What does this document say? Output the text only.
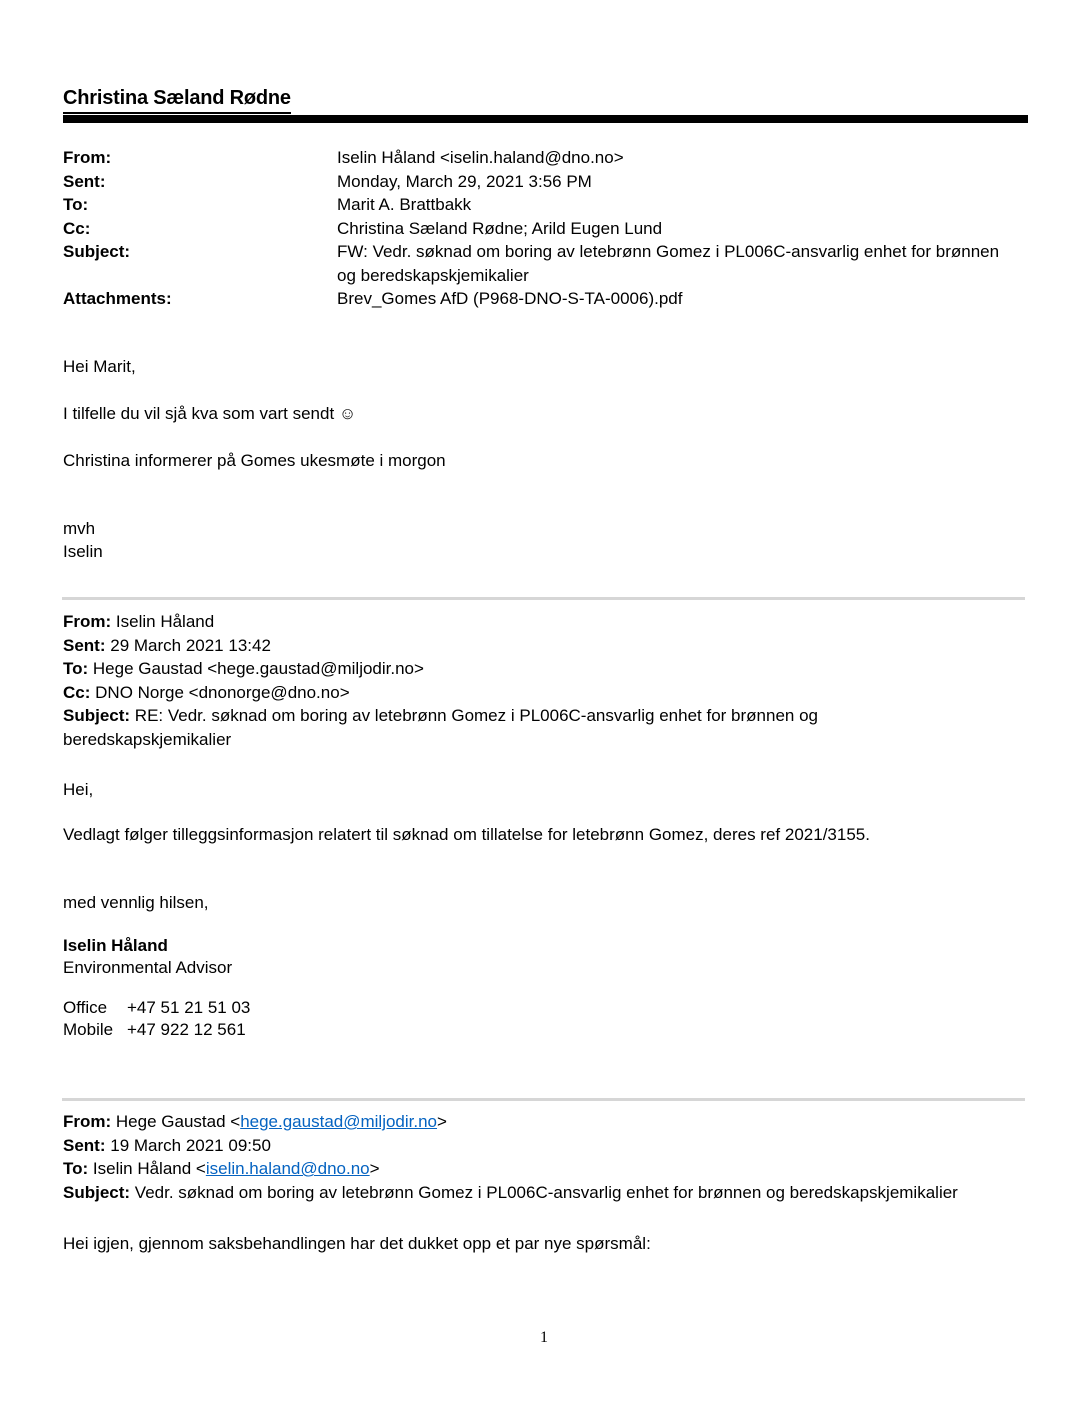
Christina Sæland Rødne
From:	Iselin Håland <iselin.haland@dno.no>
Sent:	Monday, March 29, 2021 3:56 PM
To:	Marit A. Brattbakk
Cc:	Christina Sæland Rødne; Arild Eugen Lund
Subject:	FW: Vedr. søknad om boring av letebrønn Gomez i PL006C-ansvarlig enhet for brønnen og beredskapskjemikalier
Attachments:	Brev_Gomes AfD (P968-DNO-S-TA-0006).pdf
Hei Marit,
I tilfelle du vil sjå kva som vart sendt ☺
Christina informerer på Gomes ukesmøte i morgon
mvh
Iselin

From: Iselin Håland

Sent: 29 March 2021 13:42

To: Hege Gaustad <hege.gaustad@miljodir.no>

Cc: DNO Norge <dnonorge@dno.no>

Subject: RE: Vedr. søknad om boring av letebrønn Gomez i PL006C-ansvarlig enhet for brønnen og beredskapskjemikalier

Hei,
Vedlagt følger tilleggsinformasjon relatert til søknad om tillatelse for letebrønn Gomez, deres ref 2021/3155.
med vennlig hilsen,
Iselin Håland
Environmental Advisor
Office	+47 51 21 51 03
Mobile +47 922 12 561

From: Hege Gaustad <hege.gaustad@miljodir.no>

Sent: 19 March 2021 09:50

To: Iselin Håland <iselin.haland@dno.no>

Subject: Vedr. søknad om boring av letebrønn Gomez i PL006C-ansvarlig enhet for brønnen og beredskapskjemikalier

Hei igjen, gjennom saksbehandlingen har det dukket opp et par nye spørsmål:
1
